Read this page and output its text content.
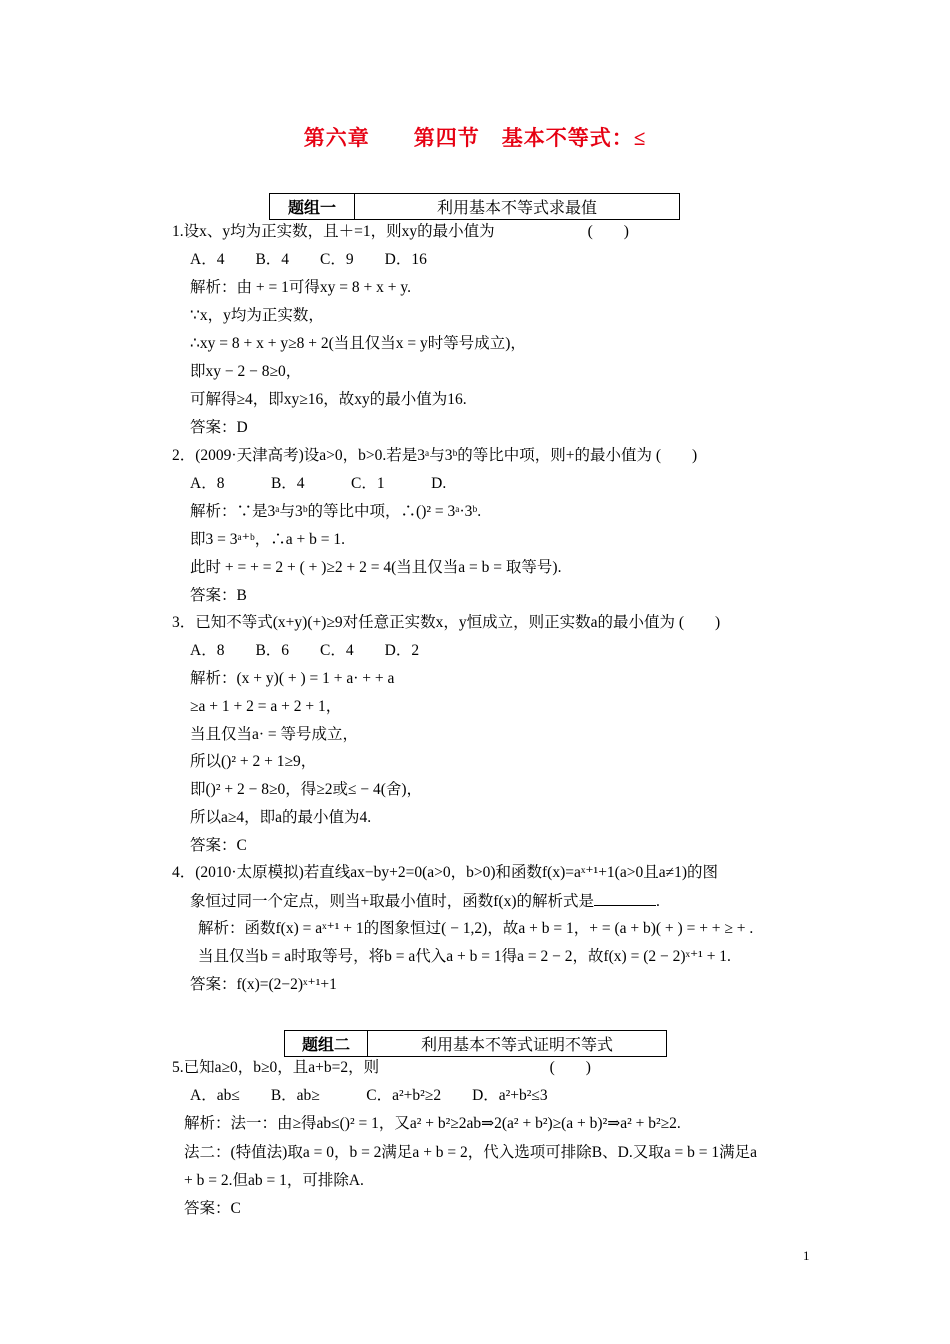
第六章　　第四节　基本不等式：≤
题组一	利用基本不等式求最值
题组二	利用基本不等式证明不等式
1.设x、y均为正实数，且＋=1，则xy的最小值为　　　　　　(　　)
A．4　　B．4　　C．9　　D．16
解析：由 + = 1可得xy = 8 + x + y.
∵x，y均为正实数，
∴xy = 8 + x + y≥8 + 2(当且仅当x = y时等号成立)，
即xy − 2 − 8≥0，
可解得≥4，即xy≥16，故xy的最小值为16.
答案：D
2．(2009·天津高考)设a>0，b>0.若是3ᵃ与3ᵇ的等比中项，则+的最小值为 (　　)
A．8　　　B．4　　　C．1　　　D.
解析：∵是3ᵃ与3ᵇ的等比中项，∴()² = 3ᵃ·3ᵇ.
即3 = 3ᵃ⁺ᵇ，∴a + b = 1.
此时 + = + = 2 + ( + )≥2 + 2 = 4(当且仅当a = b = 取等号).
答案：B
3．已知不等式(x+y)(+)≥9对任意正实数x，y恒成立，则正实数a的最小值为 (　　)
A．8　　B．6　　C．4　　D．2
解析：(x + y)( + ) = 1 + a· + + a
≥a + 1 + 2 = a + 2 + 1，
当且仅当a· = 等号成立，
所以()² + 2 + 1≥9，
即()² + 2 − 8≥0，得≥2或≤ − 4(舍)，
所以a≥4，即a的最小值为4.
答案：C
4．(2010·太原模拟)若直线ax−by+2=0(a>0，b>0)和函数f(x)=aˣ⁺¹+1(a>0且a≠1)的图
象恒过同一个定点，则当+取最小值时，函数f(x)的解析式是	.
解析：函数f(x) = aˣ⁺¹ + 1的图象恒过( − 1,2)，故a + b = 1，+ = (a + b)( + ) = + + ≥ + .
当且仅当b = a时取等号，将b = a代入a + b = 1得a = 2 − 2，故f(x) = (2 − 2)ˣ⁺¹ + 1.
答案：f(x)=(2−2)ˣ⁺¹+1
5.已知a≥0，b≥0，且a+b=2，则　　　　　　　　　　　(　　)
A．ab≤　　B．ab≥　　　C．a²+b²≥2　　D．a²+b²≤3
解析：法一：由≥得ab≤()² = 1，又a² + b²≥2ab⇒2(a² + b²)≥(a + b)²⇒a² + b²≥2.
法二：(特值法)取a = 0，b = 2满足a + b = 2，代入选项可排除B、D.又取a = b = 1满足a
+ b = 2.但ab = 1，可排除A.
答案：C
1
